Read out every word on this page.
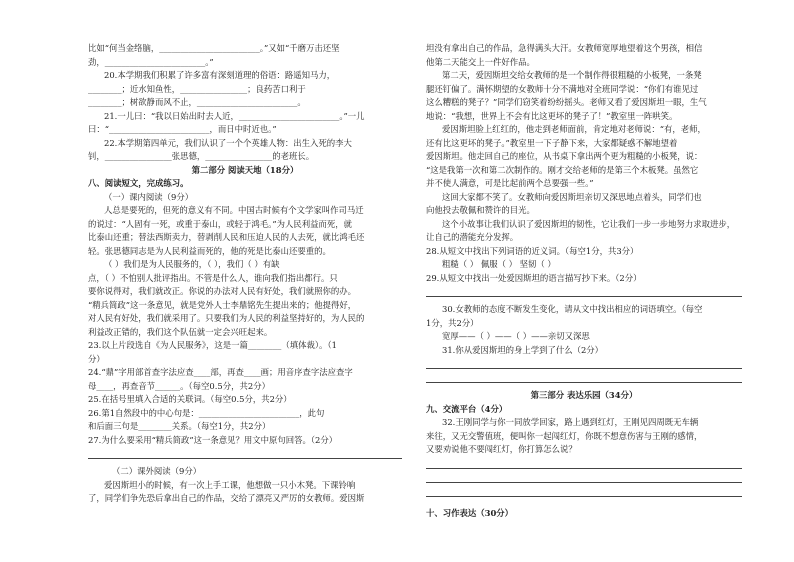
比如“何当金络脑，________________________。”又如“千磨万击还坚

劲，________________________。”

20.本学期我们积累了许多富有深刻道理的俗语：路遥知马力，

________；近水知鱼性，________________；良药苦口利于

________；树欲静而风不止，________________________。

21.一儿曰：“我以日始出时去人近，________________________。”一儿

曰：“________________________，而日中时近也。”

22.本学期第四单元，我们认识了一个个英雄人物：出生入死的李大

钊，________________张思德，________________的老班长。

第二部分 阅读天地（18分）

八、阅读短文，完成练习。

（一）课内阅读（9分）

人总是要死的，但死的意义有不同。中国古时候有个文学家叫作司马迁

的说过：“人固有一死，或重于泰山，或轻于鸿毛。”为人民利益而死，就

比泰山还重；替法西斯卖力，替剥削人民和压迫人民的人去死，就比鸿毛还

轻。张思德同志是为人民利益而死的，他的死是比泰山还要重的。

（ ）我们是为人民服务的，（ ），我们（ ）有缺

点，（ ）不怕别人批评指出。不管是什么人，谁向我们指出都行。只

要你说得对，我们就改正。你说的办法对人民有好处，我们就照你的办。

“精兵简政”这一条意见，就是党外人士李鼎铭先生提出来的；他提得好，

对人民有好处，我们就采用了。只要我们为人民的利益坚持好的，为人民的

利益改正错的，我们这个队伍就一定会兴旺起来。

23.以上片段选自《为人民服务》，这是一篇________（填体裁）。（1

分）

24.“鼎”字用部首查字法应查____部，再查____画；用音序查字法应查字

母____，再查音节______。（每空0.5分，共2分）

25.在括号里填入合适的关联词。（每空0.5分，共2分）

26.第1自然段中的中心句是：________________________，此句

和后面三句是________关系。（每空1分，共2分）

27.为什么要采用“精兵简政”这一条意见？用文中原句回答。（2分）

（二）课外阅读（9分）

爱因斯坦小的时候，有一次上手工课，他想做一只小木凳。下课铃响

了，同学们争先恐后拿出自己的作品，交给了漂亮又严厉的女教师。爱因斯

坦没有拿出自己的作品，急得满头大汗。女教师宽厚地望着这个男孩，相信

他第二天能交上一件好作品。

第二天，爱因斯坦交给女教师的是一个制作得很粗糙的小板凳，一条凳

腿还钉偏了。满怀期望的女教师十分不满地对全班同学说：“你们有谁见过

这么糟糕的凳子？”同学们窃笑着纷纷摇头。老师又看了爱因斯坦一眼，生气

地说：“我想，世界上不会有比这更坏的凳子了！”教室里一阵哄笑。

爱因斯坦脸上红红的，他走到老师面前，肯定地对老师说：“有，老师，

还有比这更坏的凳子。”教室里一下子静下来，大家都疑惑不解地望着

爱因斯坦。他走回自己的座位，从书桌下拿出两个更为粗糙的小板凳，说：

“这是我第一次和第二次制作的。刚才交给老师的是第三个木板凳。虽然它

并不使人满意，可是比起前两个总要强一些。”

这回大家都不笑了。女教师向爱因斯坦亲切又深思地点着头，同学们也

向他投去敬佩和赞许的目光。

这个小故事让我们认识了爱因斯坦的韧性，它让我们一步一步地努力求取进步，

让自己的潜能充分发挥。

28.从短文中找出下列词语的近义词。（每空1分，共3分）

粗糙（ ） 佩服（ ） 坚韧（ ）

29.从短文中找出一处爱因斯坦的语言描写抄下来。（2分）

30.女教师的态度不断发生变化，请从文中找出相应的词语填空。（每空

1分，共2分）

宽厚——（ ）——（ ）——亲切又深思

31.你从爱因斯坦的身上学到了什么（2分）

第三部分 表达乐园（34分）

九、交流平台（4分）

32.王刚同学与你一同放学回家，路上遇到红灯，王刚见四周既无车辆

来往，又无交警值班，便叫你一起闯红灯，你既不想意伤害与王刚的感情，

又要劝说他不要闯红灯，你打算怎么说？

十、习作表达（30分）
